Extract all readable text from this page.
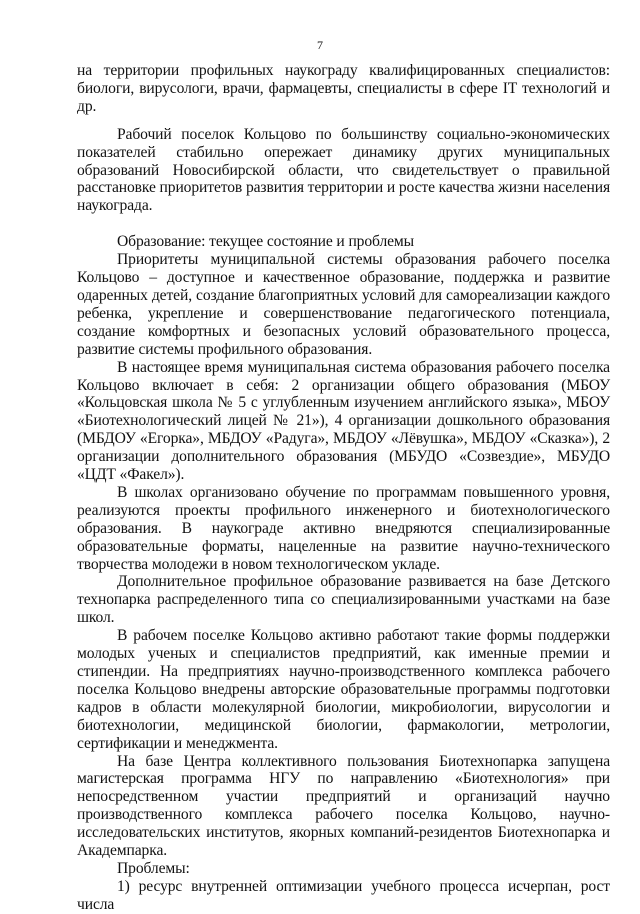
7

на территории профильных наукограду квалифицированных специалистов: биологи, вирусологи, врачи, фармацевты, специалисты в сфере IT технологий и др.

Рабочий поселок Кольцово по большинству социально-экономических показателей стабильно опережает динамику других муниципальных образований Новосибирской области, что свидетельствует о правильной расстановке приоритетов развития территории и росте качества жизни населения наукограда.

Образование: текущее состояние и проблемы

Приоритеты муниципальной системы образования рабочего поселка Кольцово – доступное и качественное образование, поддержка и развитие одаренных детей, создание благоприятных условий для самореализации каждого ребенка, укрепление и совершенствование педагогического потенциала, создание комфортных и безопасных условий образовательного процесса, развитие системы профильного образования.

В настоящее время муниципальная система образования рабочего поселка Кольцово включает в себя: 2 организации общего образования (МБОУ «Кольцовская школа № 5 с углубленным изучением английского языка», МБОУ «Биотехнологический лицей № 21»), 4 организации дошкольного образования (МБДОУ «Егорка», МБДОУ «Радуга», МБДОУ «Лёвушка», МБДОУ «Сказка»), 2 организации дополнительного образования (МБУДО «Созвездие», МБУДО «ЦДТ «Факел»).

В школах организовано обучение по программам повышенного уровня, реализуются проекты профильного инженерного и биотехнологического образования. В наукограде активно внедряются специализированные образовательные форматы, нацеленные на развитие научно-технического творчества молодежи в новом технологическом укладе.

Дополнительное профильное образование развивается на базе Детского технопарка распределенного типа со специализированными участками на базе школ.

В рабочем поселке Кольцово активно работают такие формы поддержки молодых ученых и специалистов предприятий, как именные премии и стипендии. На предприятиях научно-производственного комплекса рабочего поселка Кольцово внедрены авторские образовательные программы подготовки кадров в области молекулярной биологии, микробиологии, вирусологии и биотехнологии, медицинской биологии, фармакологии, метрологии, сертификации и менеджмента.

На базе Центра коллективного пользования Биотехнопарка запущена магистерская программа НГУ по направлению «Биотехнология» при непосредственном участии предприятий и организаций научно производственного комплекса рабочего поселка Кольцово, научно-исследовательских институтов, якорных компаний-резидентов Биотехнопарка и Академпарка.

Проблемы:

1) ресурс внутренней оптимизации учебного процесса исчерпан, рост числа
